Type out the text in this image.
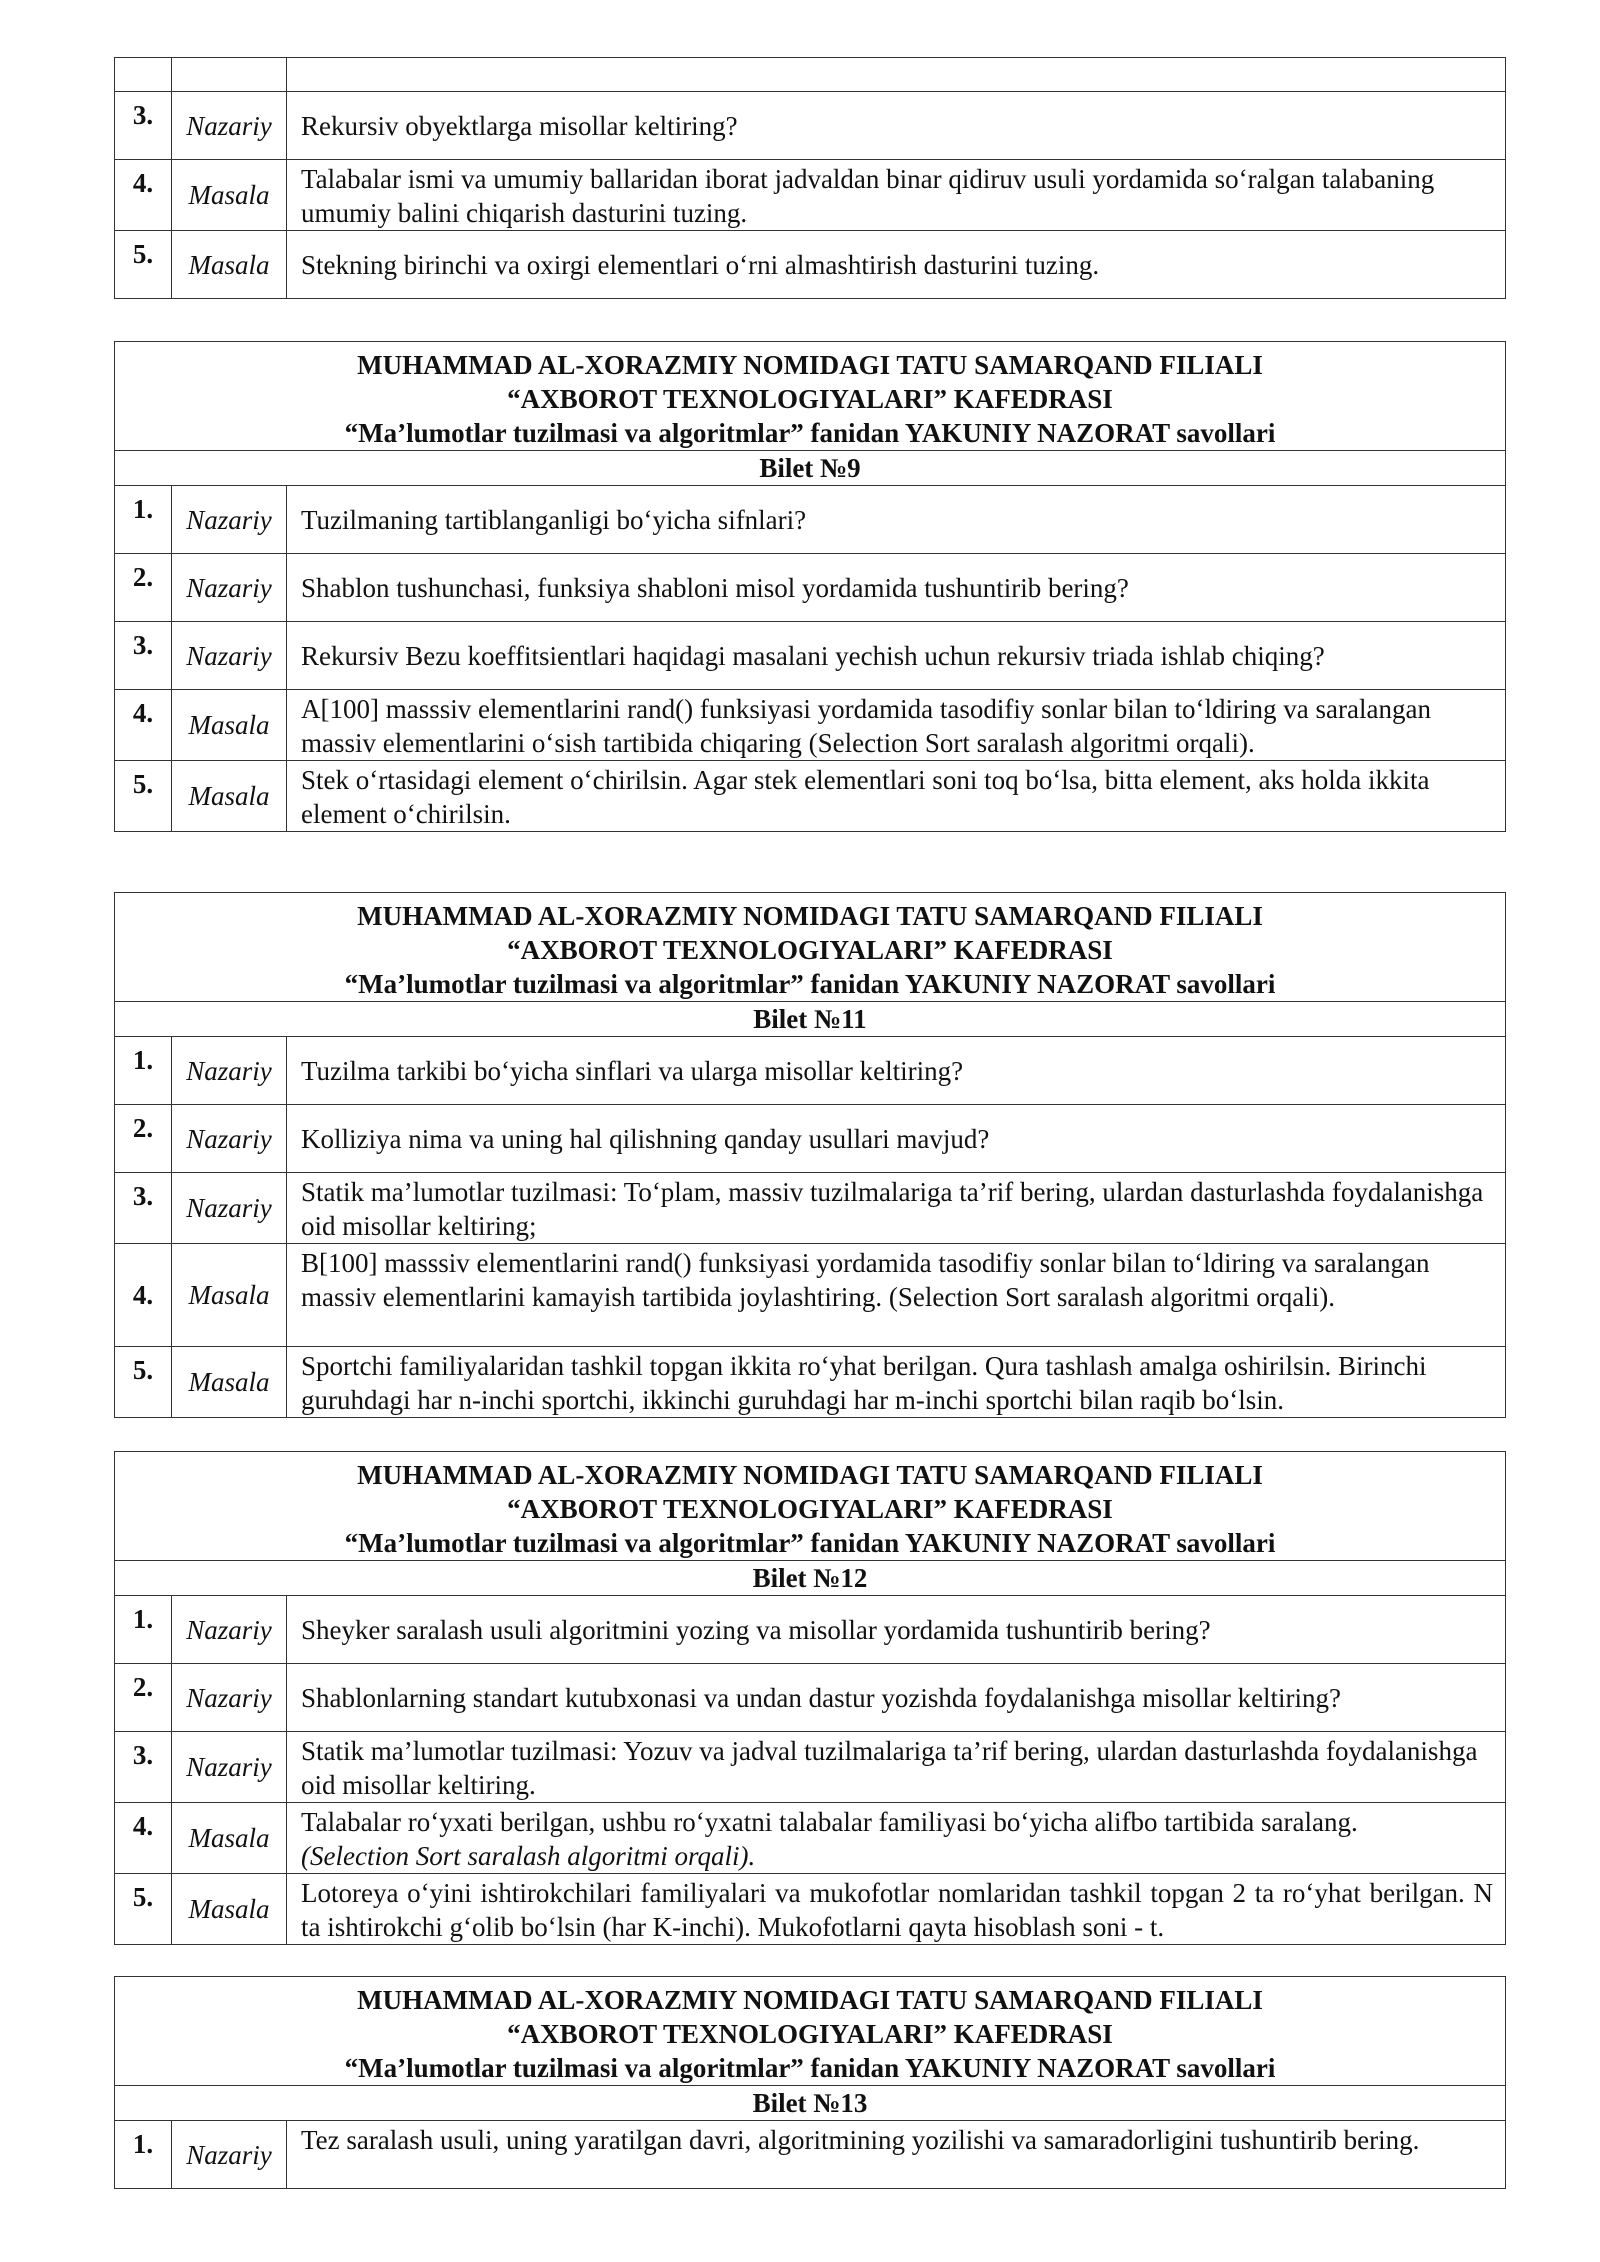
3.	Nazariy	Rekursiv obyektlarga misollar keltiring?
4.	Masala	Talabalar ismi va umumiy ballaridan iborat jadvaldan binar qidiruv usuli yordamida so‘ralgan talabaning umumiy balini chiqarish dasturini tuzing.
5.	Masala	Stekning birinchi va oxirgi elementlari o‘rni almashtirish dasturini tuzing.
MUHAMMAD AL-XORAZMIY NOMIDAGI TATU SAMARQAND FILIALI
“AXBOROT TEXNOLOGIYALARI” KAFEDRASI
“Ma’lumotlar tuzilmasi va algoritmlar” fanidan YAKUNIY NAZORAT savollari		

Bilet №9		
1.	Nazariy	Tuzilmaning tartiblanganligi bo‘yicha sifnlari?
2.	Nazariy	Shablon tushunchasi, funksiya shabloni misol yordamida tushuntirib bering?
3.	Nazariy	Rekursiv Bezu koeffitsientlari haqidagi masalani yechish uchun rekursiv triada ishlab chiqing?
4.	Masala	A[100] masssiv elementlarini rand() funksiyasi yordamida tasodifiy sonlar bilan to‘ldiring va saralangan massiv elementlarini o‘sish tartibida chiqaring (Selection Sort saralash algoritmi orqali).
5.	Masala	Stek o‘rtasidagi element o‘chirilsin. Agar stek elementlari soni toq bo‘lsa, bitta element, aks holda ikkita element o‘chirilsin.
MUHAMMAD AL-XORAZMIY NOMIDAGI TATU SAMARQAND FILIALI
“AXBOROT TEXNOLOGIYALARI” KAFEDRASI
“Ma’lumotlar tuzilmasi va algoritmlar” fanidan YAKUNIY NAZORAT savollari		

Bilet №11		
1.	Nazariy	Tuzilma tarkibi bo‘yicha sinflari va ularga misollar keltiring?
2.	Nazariy	Kolliziya nima va uning hal qilishning qanday usullari mavjud?
3.	Nazariy	Statik ma’lumotlar tuzilmasi: To‘plam, massiv tuzilmalariga ta’rif bering, ulardan dasturlashda foydalanishga oid misollar keltiring;
4.	Masala	B[100] masssiv elementlarini rand() funksiyasi yordamida tasodifiy sonlar bilan to‘ldiring va saralangan massiv elementlarini kamayish tartibida joylashtiring. (Selection Sort saralash algoritmi orqali).
5.	Masala	Sportchi familiyalaridan tashkil topgan ikkita ro‘yhat berilgan. Qura tashlash amalga oshirilsin. Birinchi guruhdagi har n-inchi sportchi, ikkinchi guruhdagi har m-inchi sportchi bilan raqib bo‘lsin.
MUHAMMAD AL-XORAZMIY NOMIDAGI TATU SAMARQAND FILIALI
“AXBOROT TEXNOLOGIYALARI” KAFEDRASI
“Ma’lumotlar tuzilmasi va algoritmlar” fanidan YAKUNIY NAZORAT savollari		

Bilet №12		
1.	Nazariy	Sheyker saralash usuli algoritmini yozing va misollar yordamida tushuntirib bering?
2.	Nazariy	Shablonlarning standart kutubxonasi va undan dastur yozishda foydalanishga misollar keltiring?
3.	Nazariy	Statik ma’lumotlar tuzilmasi: Yozuv va jadval tuzilmalariga ta’rif bering, ulardan dasturlashda foydalanishga oid misollar keltiring.
4.	Masala	Talabalar ro‘yxati berilgan, ushbu ro‘yxatni talabalar familiyasi bo‘yicha alifbo tartibida saralang.
(Selection Sort saralash algoritmi orqali).

5.	Masala	Lotoreya o‘yini ishtirokchilari familiyalari va mukofotlar nomlaridan tashkil topgan 2 ta ro‘yhat berilgan. N ta ishtirokchi g‘olib bo‘lsin (har K-inchi). Mukofotlarni qayta hisoblash soni - t.
MUHAMMAD AL-XORAZMIY NOMIDAGI TATU SAMARQAND FILIALI
“AXBOROT TEXNOLOGIYALARI” KAFEDRASI
“Ma’lumotlar tuzilmasi va algoritmlar” fanidan YAKUNIY NAZORAT savollari

Bilet №13
1.	Nazariy	Tez saralash usuli, uning yaratilgan davri, algoritmining yozilishi va samaradorligini tushuntirib bering.
